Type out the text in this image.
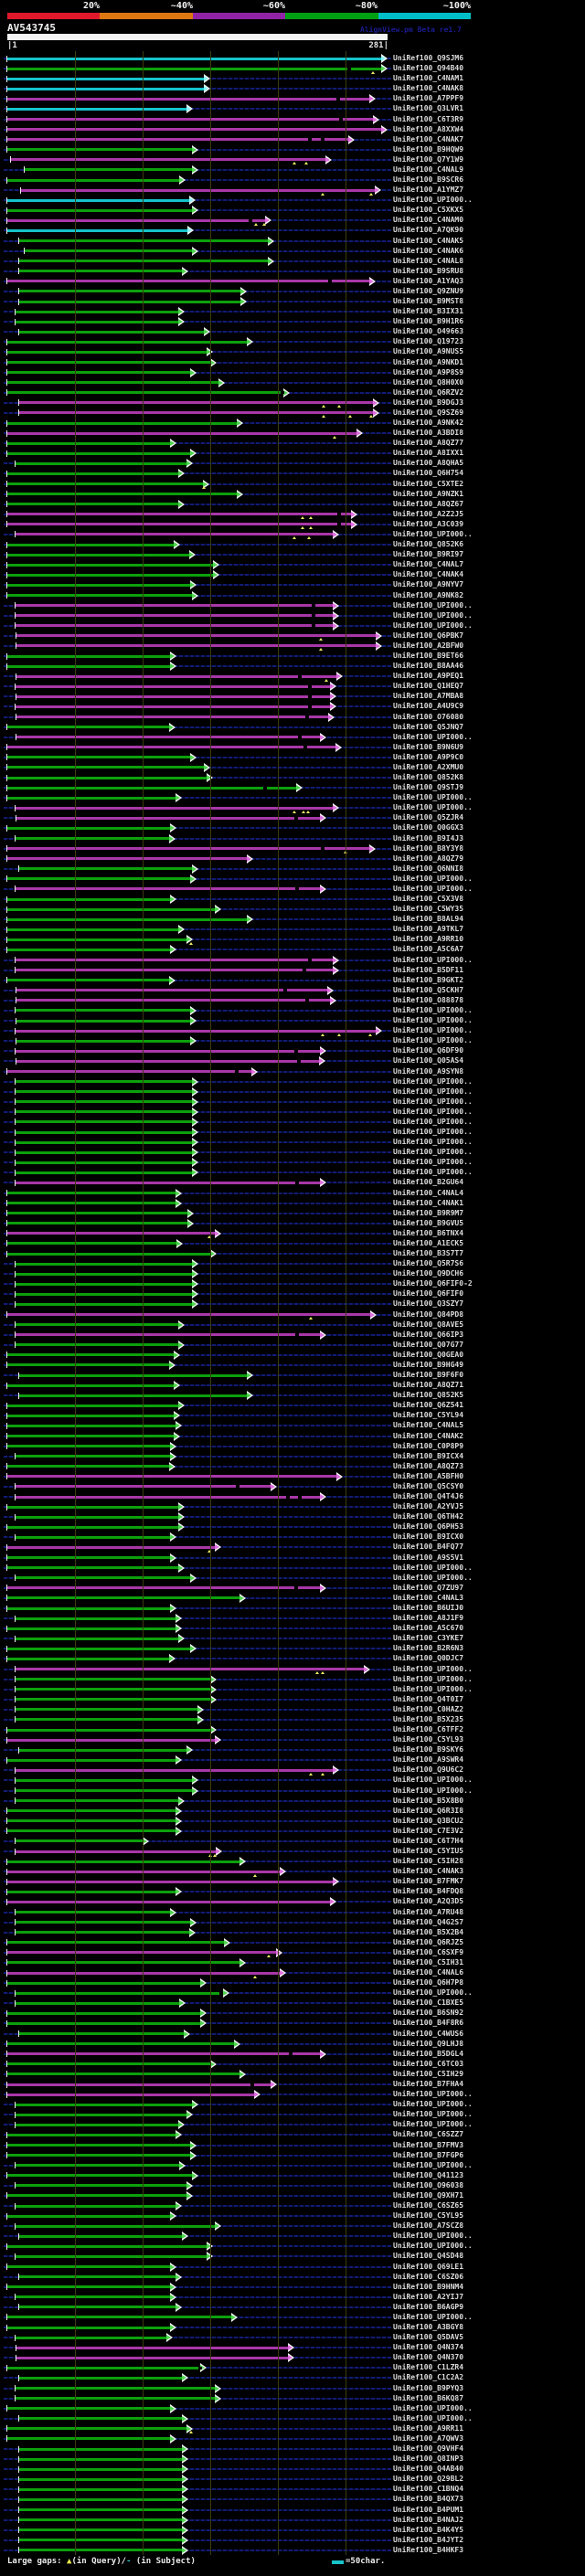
20%	~40%	~60%	~80%	~100%
AV543745	AlignView.pm Beta re1.7
|1	281|
UniRef100_Q9SJM6
UniRef100_Q94B40
UniRef100_C4NAM1
UniRef100_C4NAK8
UniRef100_A7PPF9
UniRef100_Q3LVR1
UniRef100_C6T3R9
UniRef100_A8XXW4
UniRef100_C4NAK7
UniRef100_B9HQW9
UniRef100_Q7Y1W9
UniRef100_C4NAL9
UniRef100_B9SCR6
UniRef100_A1YMZ7
UniRef100_UPI000..
UniRef100_C5XKX5
UniRef100_C4NAM0
UniRef100_A7QK90
UniRef100_C4NAK5
UniRef100_C4NAK6
UniRef100_C4NAL8
UniRef100_B9SRU8
UniRef100_A1YAQ3
UniRef100_Q9ZNU9
UniRef100_B9MST8
UniRef100_B3IX31
UniRef100_B9H1R6
UniRef100_O49663
UniRef100_Q19723
UniRef100_A9NUS5
UniRef100_A9NKD1
UniRef100_A9P8S9
UniRef100_Q8H0X0
UniRef100_Q6RZV2
UniRef100_B9DGJ3
UniRef100_Q9SZ69
UniRef100_A9NK42
UniRef100_A3BDI8
UniRef100_A8QZ77
UniRef100_A8IXX1
UniRef100_A8QHA5
UniRef100_Q6H754
UniRef100_C5XTE2
UniRef100_A9NZK1
UniRef100_A8QZ67
UniRef100_A2Z2J5
UniRef100_A3C039
UniRef100_UPI000..
UniRef100_Q852K6
UniRef100_B9RI97
UniRef100_C4NAL7
UniRef100_C4NAK4
UniRef100_A9NYV7
UniRef100_A9NK82
UniRef100_UPI000..
UniRef100_UPI000..
UniRef100_UPI000..
UniRef100_Q6PBK7
UniRef100_A2BFW0
UniRef100_B9ET66
UniRef100_B8AA46
UniRef100_A9PEQ1
UniRef100_Q1HEQ7
UniRef100_A7MBA8
UniRef100_A4U9C9
UniRef100_O76080
UniRef100_Q5JNQ7
UniRef100_UPI000..
UniRef100_B9N6U9
UniRef100_A9P9C0
UniRef100_A2XMU0
UniRef100_Q852K8
UniRef100_Q9STJ9
UniRef100_UPI000..
UniRef100_UPI000..
UniRef100_Q5ZJR4
UniRef100_Q0GGX3
UniRef100_B9I4J3
UniRef100_B8Y3Y8
UniRef100_A8QZ79
UniRef100_Q6NNI8
UniRef100_UPI000..
UniRef100_UPI000..
UniRef100_C5X3V8
UniRef100_C5WY35
UniRef100_B8AL94
UniRef100_A9TKL7
UniRef100_A9RR10
UniRef100_A5C6A7
UniRef100_UPI000..
UniRef100_B5DF11
UniRef100_B9GKT2
UniRef100_Q5CKH7
UniRef100_O88878
UniRef100_UPI000..
UniRef100_UPI000..
UniRef100_UPI000..
UniRef100_UPI000..
UniRef100_Q6DF90
UniRef100_Q05AS4
UniRef100_A9SYN8
UniRef100_UPI000..
UniRef100_UPI000..
UniRef100_UPI000..
UniRef100_UPI000..
UniRef100_UPI000..
UniRef100_UPI000..
UniRef100_UPI000..
UniRef100_UPI000..
UniRef100_UPI000..
UniRef100_UPI000..
UniRef100_B2GU64
UniRef100_C4NAL4
UniRef100_C4NAK1
UniRef100_B9R9M7
UniRef100_B9GVU5
UniRef100_B6TNX4
UniRef100_A1ECK5
UniRef100_B3S7T7
UniRef100_Q5R7S6
UniRef100_Q9DCH6
UniRef100_Q6FIF0-2
UniRef100_Q6FIF0
UniRef100_Q3SZY7
UniRef100_Q84PD8
UniRef100_Q8AVE5
UniRef100_Q66IP3
UniRef100_Q07G77
UniRef100_Q0GEA0
UniRef100_B9HG49
UniRef100_B9F6F0
UniRef100_A8QZ71
UniRef100_Q852K5
UniRef100_Q6Z541
UniRef100_C5YL94
UniRef100_C4NAL5
UniRef100_C4NAK2
UniRef100_C0P8P9
UniRef100_B9ICX4
UniRef100_A8QZ73
UniRef100_A5BFH0
UniRef100_Q5CSY0
UniRef100_Q4T4J6
UniRef100_A2YVJ5
UniRef100_Q6TH42
UniRef100_Q6PH53
UniRef100_B9ICX0
UniRef100_B4FQ77
UniRef100_A9S5V1
UniRef100_UPI000..
UniRef100_UPI000..
UniRef100_Q7ZU97
UniRef100_C4NAL3
UniRef100_B6UIJ0
UniRef100_A8J1F9
UniRef100_A5C670
UniRef100_C3YKE7
UniRef100_B2R6N3
UniRef100_Q0DJC7
UniRef100_UPI000..
UniRef100_UPI000..
UniRef100_UPI000..
UniRef100_Q4T0I7
UniRef100_C0HAZ2
UniRef100_B5X235
UniRef100_C6TFF2
UniRef100_C5YL93
UniRef100_B9SKY6
UniRef100_A9SWR4
UniRef100_Q9U6C2
UniRef100_UPI000..
UniRef100_UPI000..
UniRef100_B5X8B0
UniRef100_Q6R3I8
UniRef100_Q3BCU2
UniRef100_C7E3V2
UniRef100_C6T7H4
UniRef100_C5YIU5
UniRef100_C5IH28
UniRef100_C4NAK3
UniRef100_B7FMK7
UniRef100_B4FDQ8
UniRef100_A2Q3D5
UniRef100_A7RU48
UniRef100_Q4G2S7
UniRef100_B5X2B4
UniRef100_Q6RJZ5
UniRef100_C6SXF9
UniRef100_C5IH31
UniRef100_C4NAL6
UniRef100_Q6H7P8
UniRef100_UPI000..
UniRef100_C1BXE5
UniRef100_B6SN92
UniRef100_B4F8R6
UniRef100_C4WUS6
UniRef100_Q9LHJ8
UniRef100_B5DGL4
UniRef100_C6TC03
UniRef100_C5IH29
UniRef100_B7FHA4
UniRef100_UPI000..
UniRef100_UPI000..
UniRef100_UPI000..
UniRef100_UPI000..
UniRef100_C6SZZ7
UniRef100_B7FMV3
UniRef100_B7FGP6
UniRef100_UPI000..
UniRef100_Q41123
UniRef100_O96038
UniRef100_Q9XH71
UniRef100_C6SZ65
UniRef100_C5YL95
UniRef100_A7SCZ8
UniRef100_UPI000..
UniRef100_UPI000..
UniRef100_Q4SD48
UniRef100_Q69LE1
UniRef100_C6SZ06
UniRef100_B9HNM4
UniRef100_A2YIJ7
UniRef100_B6AGP9
UniRef100_UPI000..
UniRef100_A3BGY8
UniRef100_Q5DAV5
UniRef100_Q4N374
UniRef100_Q4N370
UniRef100_C1LZR4
UniRef100_C1C2A2
UniRef100_B9PYQ3
UniRef100_B6KQ87
UniRef100_UPI000..
UniRef100_UPI000..
UniRef100_A9RR11
UniRef100_A7QWV3
UniRef100_Q9VHF4
UniRef100_Q8INP3
UniRef100_Q4AB40
UniRef100_Q29BL2
UniRef100_C1BNQ4
UniRef100_B4QX73
UniRef100_B4PUM1
UniRef100_B4NAJ2
UniRef100_B4K4Y5
UniRef100_B4JYT2
UniRef100_B4HKF3
Large gaps: ▲(in Query)/- (in Subject)	=50char.
